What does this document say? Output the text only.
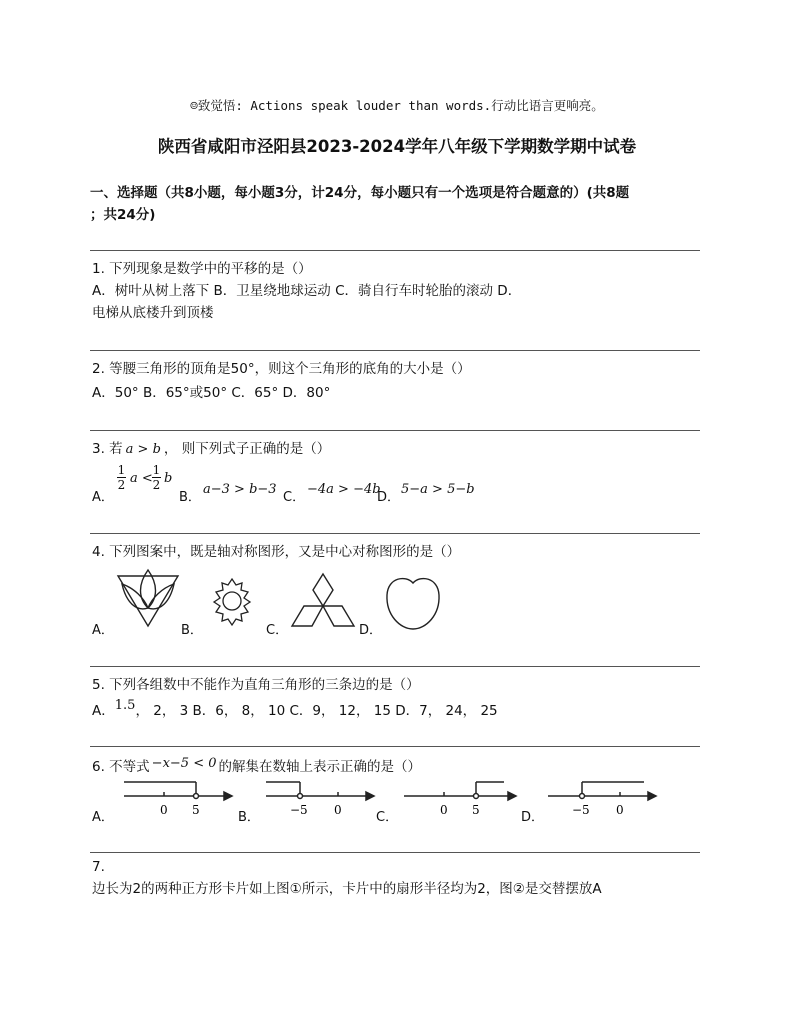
☺致觉悟: Actions speak louder than words.行动比语言更响亮。
陕西省咸阳市泾阳县2023-2024学年八年级下学期数学期中试卷
一、选择题（共8小题，每小题3分，计24分，每小题只有一个选项是符合题意的）(共8题
；共24分)
1. 下列现象是数学中的平移的是（）
A．树叶从树上落下 B．卫星绕地球运动 C．骑自行车时轮胎的滚动 D．
电梯从底楼升到顶楼
2. 等腰三角形的顶角是50°，则这个三角形的底角的大小是（）
A．50° B．65°或50° C．65° D．80°
3. 若 a > b ， 则下列式子正确的是（）
A．
1
2 a <
1
2 b
B．
a−3 > b−3
C．
−4a > −4b
D．
5−a > 5−b
4. 下列图案中，既是轴对称图形，又是中心对称图形的是（）
A．	B．	C．	D．
5. 下列各组数中不能作为直角三角形的三条边的是（）
A．1.5， 2， 3 B．6， 8， 10 C．9， 12， 15 D．7， 24， 25
6. 不等式 −x−5 < 0 的解集在数轴上表示正确的是（）
A．	0 5	B．	−5 0	C．	0 5	D． −5 0
7.
边长为2的两种正方形卡片如上图①所示，卡片中的扇形半径均为2，图②是交替摆放A
